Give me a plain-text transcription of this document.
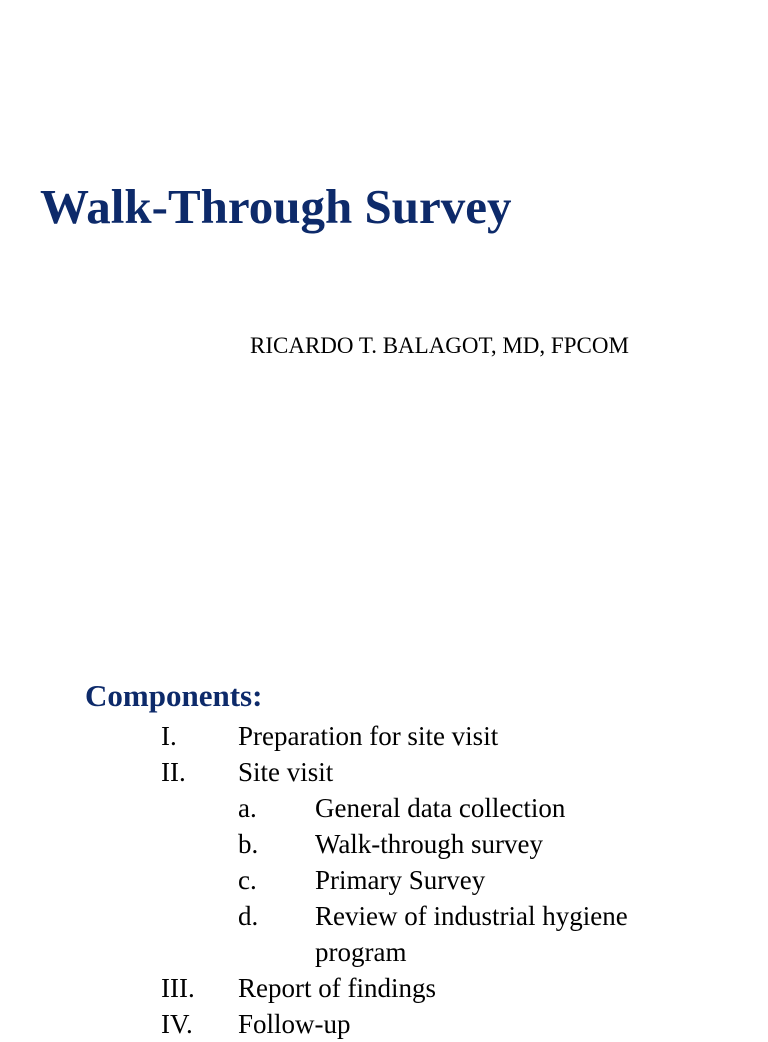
Walk-Through Survey
RICARDO T. BALAGOT, MD, FPCOM
Components:
I. Preparation for site visit
II. Site visit
a. General data collection
b. Walk-through survey
c. Primary Survey
d. Review of industrial hygiene
program
III. Report of findings
IV. Follow-up
